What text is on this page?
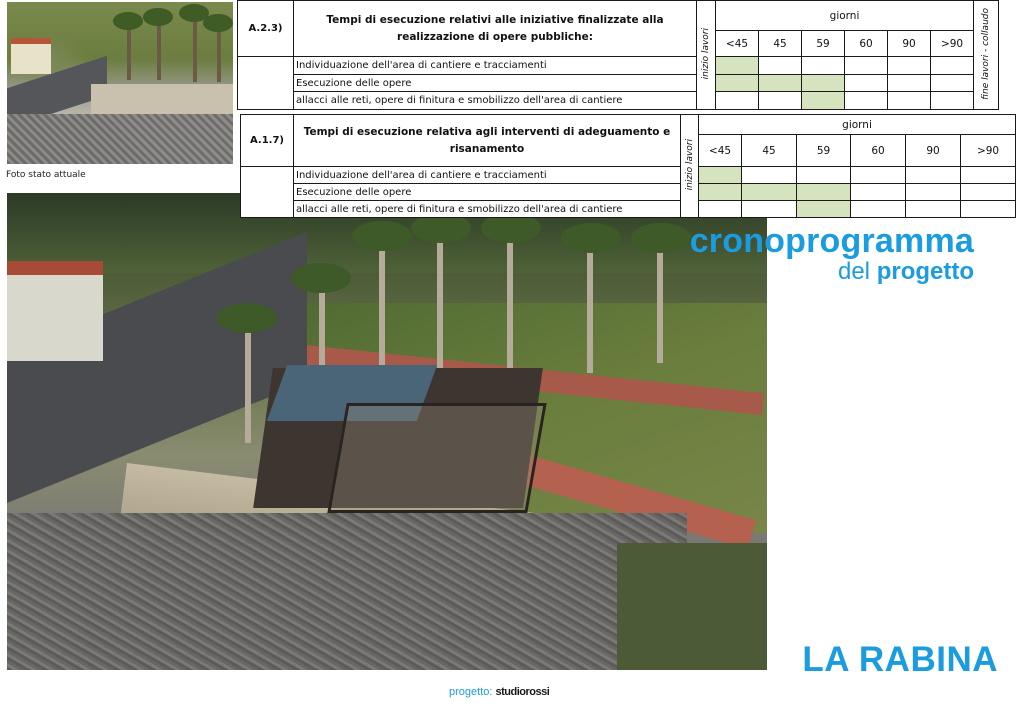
Foto stato attuale
A.2.3)	Tempi di esecuzione relativi alle iniziative finalizzate alla realizzazione di opere pubbliche:	inizio lavori	giorni						fine lavori - collaudo
			<45	45	59	60	90	>90	
	Individuazione dell'area di cantiere e tracciamenti								
	Esecuzione delle opere								
	allacci alle reti, opere di finitura e smobilizzo dell'area di cantiere								
A.1.7)	Tempi di esecuzione relativa agli interventi di adeguamento e risanamento	inizio lavori	giorni					
			<45	45	59	60	90	>90
	Individuazione dell'area di cantiere e tracciamenti							
	Esecuzione delle opere							
	allacci alle reti, opere di finitura e smobilizzo dell'area di cantiere							
cronoprogramma
del progetto
LA RABINA
progetto: studiorossi
